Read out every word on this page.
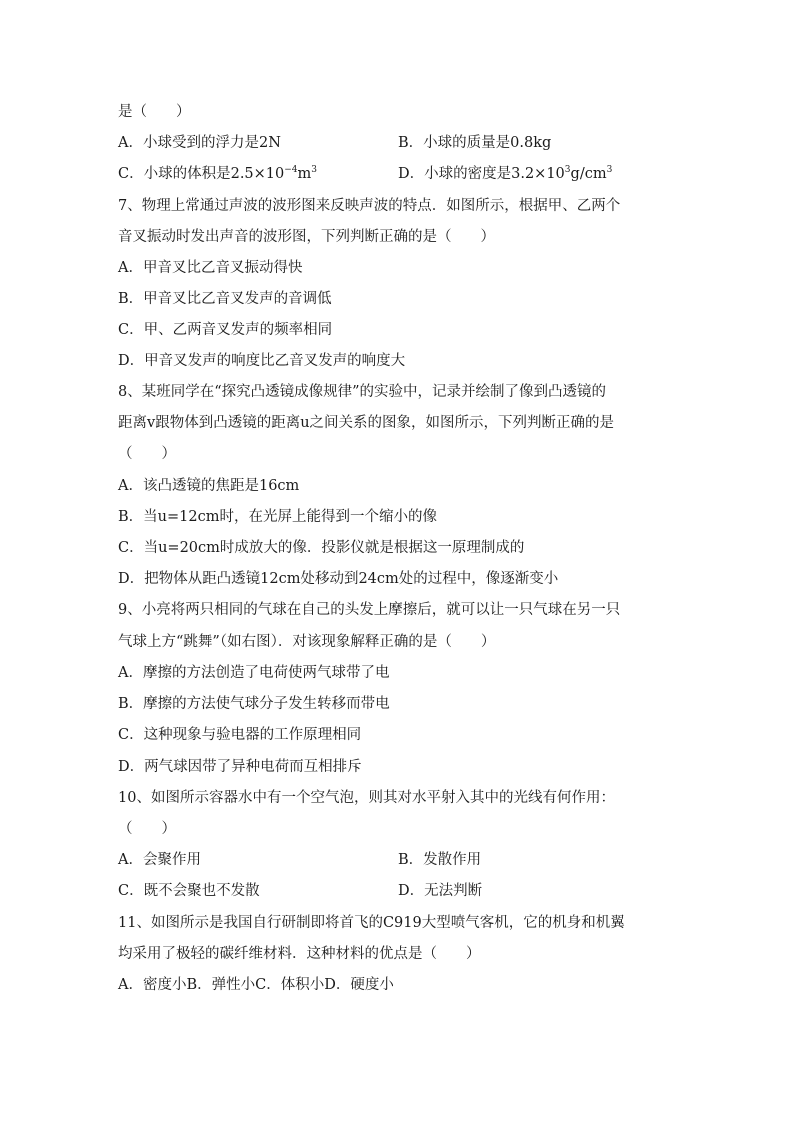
是（　　）
A．小球受到的浮力是2N	B．小球的质量是0.8kg
C．小球的体积是$2.5\times 10^{-4}m^3$	D．小球的密度是$3.2\times 10^3g/cm^3$
7、物理上常通过声波的波形图来反映声波的特点．如图所示，根据甲、乙两个
音叉振动时发出声音的波形图，下列判断正确的是（　　）
A．甲音叉比乙音叉振动得快
B．甲音叉比乙音叉发声的音调低
C．甲、乙两音叉发声的频率相同
D．甲音叉发声的响度比乙音叉发声的响度大
8、某班同学在“探究凸透镜成像规律”的实验中，记录并绘制了像到凸透镜的
距离v跟物体到凸透镜的距离u之间关系的图象，如图所示，下列判断正确的是
（　　）
A．该凸透镜的焦距是16cm
B．当u=12cm时，在光屏上能得到一个缩小的像
C．当u=20cm时成放大的像．投影仪就是根据这一原理制成的
D．把物体从距凸透镜12cm处移动到24cm处的过程中，像逐渐变小
9、小亮将两只相同的气球在自己的头发上摩擦后，就可以让一只气球在另一只
气球上方“跳舞”（如右图）．对该现象解释正确的是（　　）
A．摩擦的方法创造了电荷使两气球带了电
B．摩擦的方法使气球分子发生转移而带电
C．这种现象与验电器的工作原理相同
D．两气球因带了异种电荷而互相排斥
10、如图所示容器水中有一个空气泡，则其对水平射入其中的光线有何作用：
（　　）
A．会聚作用	B．发散作用
C．既不会聚也不发散	D．无法判断
11、如图所示是我国自行研制即将首飞的C919大型喷气客机，它的机身和机翼
均采用了极轻的碳纤维材料．这种材料的优点是（　　）
A．密度小B．弹性小C．体积小D．硬度小
